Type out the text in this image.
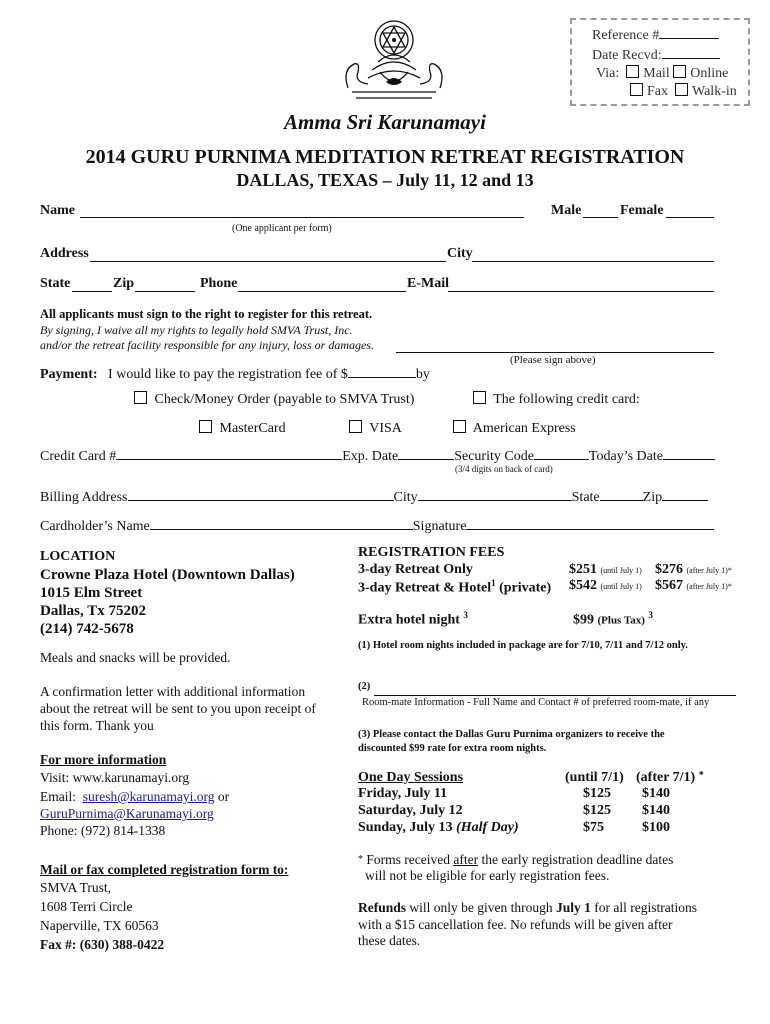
Reference #
Date Recvd:
Via: Mail Online
Fax Walk-in
Amma Sri Karunamayi
2014 GURU PURNIMA MEDITATION RETREAT REGISTRATION
DALLAS, TEXAS – July 11, 12 and 13
Name	Male	Female
(One applicant per form)
Address	City
State	Zip	Phone	E-Mail
All applicants must sign to the right to register for this retreat.
By signing, I waive all my rights to legally hold SMVA Trust, Inc.
and/or the retreat facility responsible for any injury, loss or damages.
(Please sign above)
Payment: I would like to pay the registration fee of $	by
Check/Money Order (payable to SMVA Trust)	The following credit card:
MasterCard	VISA	American Express
Credit Card #	Exp. Date	Security Code	Today’s Date
(3/4 digits on back of card)
Billing Address	City	State	Zip
Cardholder’s Name	Signature
LOCATION
Crowne Plaza Hotel (Downtown Dallas)
1015 Elm Street
Dallas, Tx 75202
(214) 742-5678
Meals and snacks will be provided.
A confirmation letter with additional information
about the retreat will be sent to you upon receipt of
this form. Thank you
For more information
Visit: www.karunamayi.org
Email: suresh@karunamayi.org or
GuruPurnima@Karunamayi.org
Phone: (972) 814-1338
Mail or fax completed registration form to:
SMVA Trust,
1608 Terri Circle
Naperville, TX 60563
Fax #: (630) 388-0422
REGISTRATION FEES
3-day Retreat Only	$251 (until July 1) $276 (after July 1)*
3-day Retreat & Hotel$^1$ (private) $542 (until July 1) $567 (after July 1)*
Extra hotel night $^3$	$99 (Plus Tax) $^3$
(1) Hotel room nights included in package are for 7/10, 7/11 and 7/12 only.
(2)
Room-mate Information - Full Name and Contact # of preferred room-mate, if any
(3) Please contact the Dallas Guru Purnima organizers to receive the
discounted $99 rate for extra room nights.
One Day Sessions	(until 7/1) (after 7/1) *
Friday, July 11	$125 $140
Saturday, July 12	$125 $140
Sunday, July 13 (Half Day)	$75	$100
* Forms received after the early registration deadline dates
will not be eligible for early registration fees.
Refunds will only be given through July 1 for all registrations
with a $15 cancellation fee. No refunds will be given after
these dates.
